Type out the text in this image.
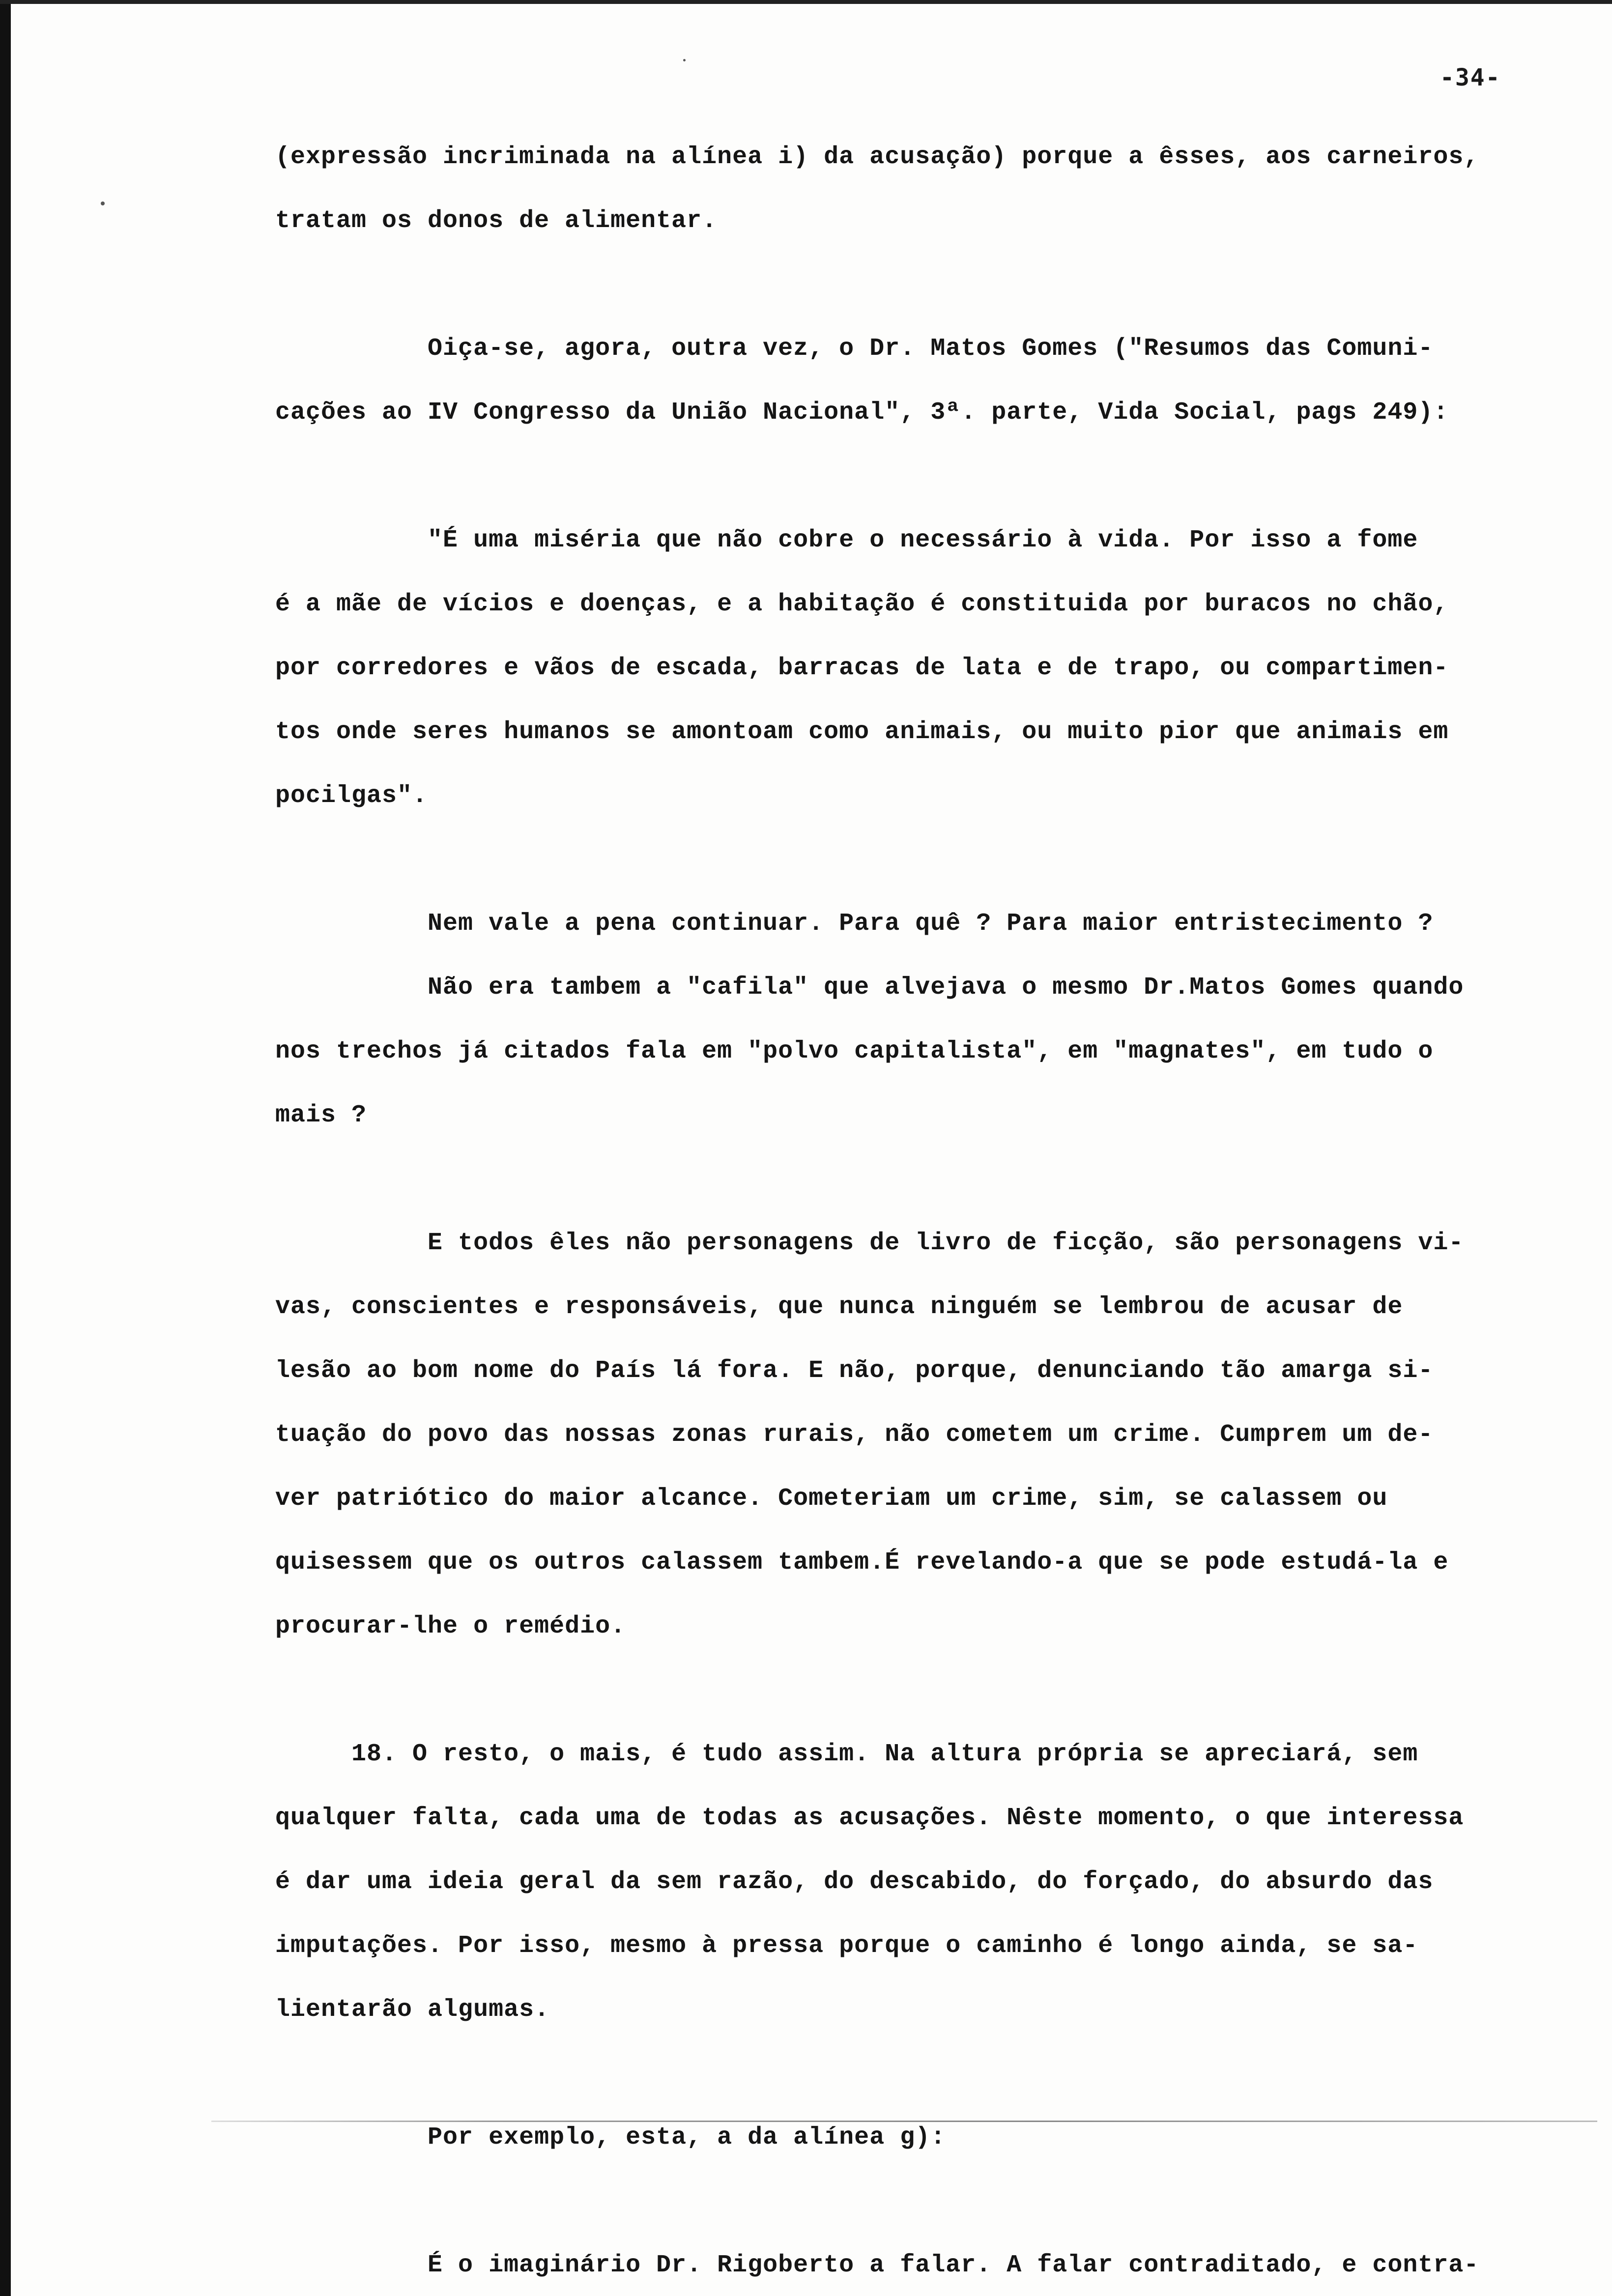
-34-
(expressão incriminada na alínea i) da acusação) porque a êsses, aos carneiros,
tratam os donos de alimentar.

Oiça-se, agora, outra vez, o Dr. Matos Gomes ("Resumos das Comuni-
cações ao IV Congresso da União Nacional", 3ª. parte, Vida Social, pags 249):

"É uma miséria que não cobre o necessário à vida. Por isso a fome
é a mãe de vícios e doenças, e a habitação é constituida por buracos no chão,
por corredores e vãos de escada, barracas de lata e de trapo, ou compartimen-
tos onde seres humanos se amontoam como animais, ou muito pior que animais em
pocilgas".

Nem vale a pena continuar. Para quê ? Para maior entristecimento ?
Não era tambem a "cafila" que alvejava o mesmo Dr.Matos Gomes quando
nos trechos já citados fala em "polvo capitalista", em "magnates", em tudo o
mais ?

E todos êles não personagens de livro de ficção, são personagens vi-
vas, conscientes e responsáveis, que nunca ninguém se lembrou de acusar de
lesão ao bom nome do País lá fora. E não, porque, denunciando tão amarga si-
tuação do povo das nossas zonas rurais, não cometem um crime. Cumprem um de-
ver patriótico do maior alcance. Cometeriam um crime, sim, se calassem ou
quisessem que os outros calassem tambem.É revelando-a que se pode estudá-la e
procurar-lhe o remédio.

18. O resto, o mais, é tudo assim. Na altura própria se apreciará, sem
qualquer falta, cada uma de todas as acusações. Nêste momento, o que interessa
é dar uma ideia geral da sem razão, do descabido, do forçado, do absurdo das
imputações. Por isso, mesmo à pressa porque o caminho é longo ainda, se sa-
lientarão algumas.

Por exemplo, esta, a da alínea g):

É o imaginário Dr. Rigoberto a falar. A falar contraditado, e contra-
